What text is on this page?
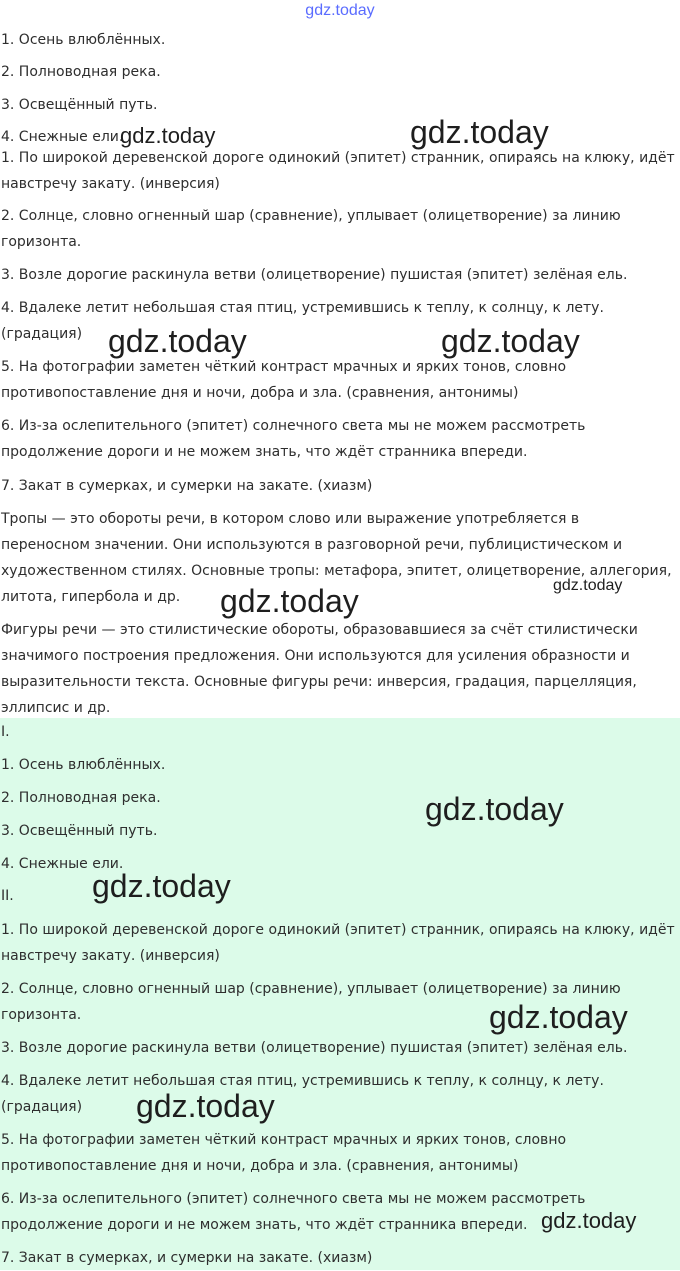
gdz.today
1. Осень влюблённых.
2. Полноводная река.
3. Освещённый путь.
4. Снежные ели.
1. По широкой деревенской дороге одинокий (эпитет) странник, опираясь на клюку, идёт
навстречу закату. (инверсия)
2. Солнце, словно огненный шар (сравнение), уплывает (олицетворение) за линию
горизонта.
3. Возле дорогие раскинула ветви (олицетворение) пушистая (эпитет) зелёная ель.
4. Вдалеке летит небольшая стая птиц, устремившись к теплу, к солнцу, к лету.
(градация)
5. На фотографии заметен чёткий контраст мрачных и ярких тонов, словно
противопоставление дня и ночи, добра и зла. (сравнения, антонимы)
6. Из-за ослепительного (эпитет) солнечного света мы не можем рассмотреть
продолжение дороги и не можем знать, что ждёт странника впереди.
7. Закат в сумерках, и сумерки на закате. (хиазм)
Тропы — это обороты речи, в котором слово или выражение употребляется в
переносном значении. Они используются в разговорной речи, публицистическом и
художественном стилях. Основные тропы: метафора, эпитет, олицетворение, аллегория,
литота, гипербола и др.
Фигуры речи — это стилистические обороты, образовавшиеся за счёт стилистически
значимого построения предложения. Они используются для усиления образности и
выразительности текста. Основные фигуры речи: инверсия, градация, парцелляция,
эллипсис и др.
I.
1. Осень влюблённых.
2. Полноводная река.
3. Освещённый путь.
4. Снежные ели.
II.
1. По широкой деревенской дороге одинокий (эпитет) странник, опираясь на клюку, идёт
навстречу закату. (инверсия)
2. Солнце, словно огненный шар (сравнение), уплывает (олицетворение) за линию
горизонта.
3. Возле дорогие раскинула ветви (олицетворение) пушистая (эпитет) зелёная ель.
4. Вдалеке летит небольшая стая птиц, устремившись к теплу, к солнцу, к лету.
(градация)
5. На фотографии заметен чёткий контраст мрачных и ярких тонов, словно
противопоставление дня и ночи, добра и зла. (сравнения, антонимы)
6. Из-за ослепительного (эпитет) солнечного света мы не можем рассмотреть
продолжение дороги и не можем знать, что ждёт странника впереди.
7. Закат в сумерках, и сумерки на закате. (хиазм)
gdz.today	gdz.today
gdz.today	gdz.today
gdz.today	gdz.today
gdz.today
gdz.today
gdz.today
gdz.today
gdz.today
